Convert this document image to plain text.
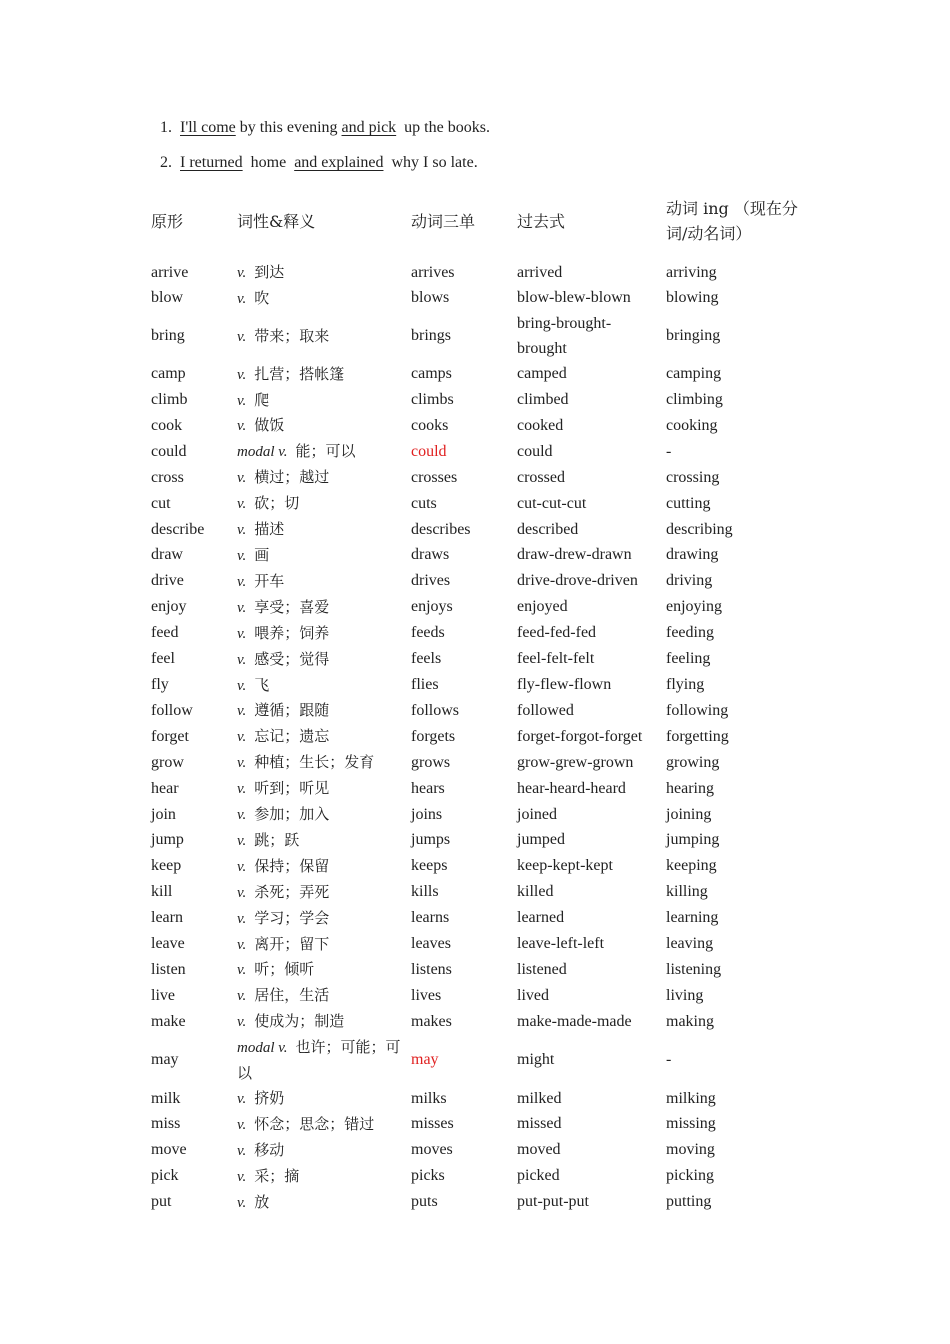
1. I'll come by this evening and pick  up the books.
2. I returned  home  and explained  why I so late.
原形	词性&释义	动词三单	过去式	动词 ing （现在分词/动名词）
arrive	v. 到达	arrives	arrived	arriving
blow	v. 吹	blows	blow-blew-blown	blowing
bring	v. 带来；取来	brings	bring-brought-brought	bringing
camp	v. 扎营；搭帐篷	camps	camped	camping
climb	v. 爬	climbs	climbed	climbing
cook	v. 做饭	cooks	cooked	cooking
could	modal v. 能；可以	could	could	-
cross	v. 横过；越过	crosses	crossed	crossing
cut	v. 砍；切	cuts	cut-cut-cut	cutting
describe	v. 描述	describes	described	describing
draw	v. 画	draws	draw-drew-drawn	drawing
drive	v. 开车	drives	drive-drove-driven	driving
enjoy	v. 享受；喜爱	enjoys	enjoyed	enjoying
feed	v. 喂养；饲养	feeds	feed-fed-fed	feeding
feel	v. 感受；觉得	feels	feel-felt-felt	feeling
fly	v. 飞	flies	fly-flew-flown	flying
follow	v. 遵循；跟随	follows	followed	following
forget	v. 忘记；遗忘	forgets	forget-forgot-forget	forgetting
grow	v. 种植；生长；发育	grows	grow-grew-grown	growing
hear	v. 听到；听见	hears	hear-heard-heard	hearing
join	v. 参加；加入	joins	joined	joining
jump	v. 跳；跃	jumps	jumped	jumping
keep	v. 保持；保留	keeps	keep-kept-kept	keeping
kill	v. 杀死；弄死	kills	killed	killing
learn	v. 学习；学会	learns	learned	learning
leave	v. 离开；留下	leaves	leave-left-left	leaving
listen	v. 听；倾听	listens	listened	listening
live	v. 居住，生活	lives	lived	living
make	v. 使成为；制造	makes	make-made-made	making
may	modal v. 也许；可能；可以	may	might	-
milk	v. 挤奶	milks	milked	milking
miss	v. 怀念；思念；错过	misses	missed	missing
move	v. 移动	moves	moved	moving
pick	v. 采；摘	picks	picked	picking
put	v. 放	puts	put-put-put	putting
